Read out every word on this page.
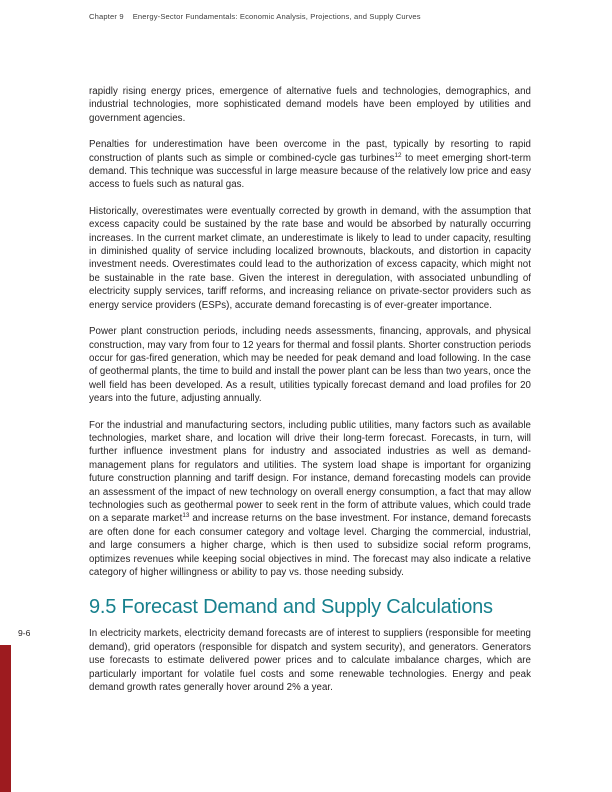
Chapter 9 Energy-Sector Fundamentals: Economic Analysis, Projections, and Supply Curves

rapidly rising energy prices, emergence of alternative fuels and technologies, demographics, and industrial technologies, more sophisticated demand models have been employed by utilities and government agencies.

Penalties for underestimation have been overcome in the past, typically by resorting to rapid construction of plants such as simple or combined-cycle gas turbines$^{12}$ to meet emerging short-term demand. This technique was successful in large measure because of the relatively low price and easy access to fuels such as natural gas.

Historically, overestimates were eventually corrected by growth in demand, with the assumption that excess capacity could be sustained by the rate base and would be absorbed by naturally occurring increases. In the current market climate, an underestimate is likely to lead to under capacity, resulting in diminished quality of service including localized brownouts, blackouts, and distortion in capacity investment needs. Overestimates could lead to the authorization of excess capacity, which might not be sustainable in the rate base. Given the interest in deregulation, with associated unbundling of electricity supply services, tariff reforms, and increasing reliance on private-sector providers such as energy service providers (ESPs), accurate demand forecasting is of ever-greater importance.

Power plant construction periods, including needs assessments, financing, approvals, and physical construction, may vary from four to 12 years for thermal and fossil plants. Shorter construction periods occur for gas-fired generation, which may be needed for peak demand and load following. In the case of geothermal plants, the time to build and install the power plant can be less than two years, once the well field has been developed. As a result, utilities typically forecast demand and load profiles for 20 years into the future, adjusting annually.

For the industrial and manufacturing sectors, including public utilities, many factors such as available technologies, market share, and location will drive their long-term forecast. Forecasts, in turn, will further influence investment plans for industry and associated industries as well as demand-management plans for regulators and utilities. The system load shape is important for organizing future construction planning and tariff design. For instance, demand forecasting models can provide an assessment of the impact of new technology on overall energy consumption, a fact that may allow technologies such as geothermal power to seek rent in the form of attribute values, which could trade on a separate market$^{13}$ and increase returns on the base investment. For instance, demand forecasts are often done for each consumer category and voltage level. Charging the commercial, industrial, and large consumers a higher charge, which is then used to subsidize social reform programs, optimizes revenues while keeping social objectives in mind. The forecast may also indicate a relative category of higher willingness or ability to pay vs. those needing subsidy.

9.5 Forecast Demand and Supply Calculations

In electricity markets, electricity demand forecasts are of interest to suppliers (responsible for meeting demand), grid operators (responsible for dispatch and system security), and generators. Generators use forecasts to estimate delivered power prices and to calculate imbalance charges, which are particularly important for volatile fuel costs and some renewable technologies. Energy and peak demand growth rates generally hover around 2% a year.

9-6
